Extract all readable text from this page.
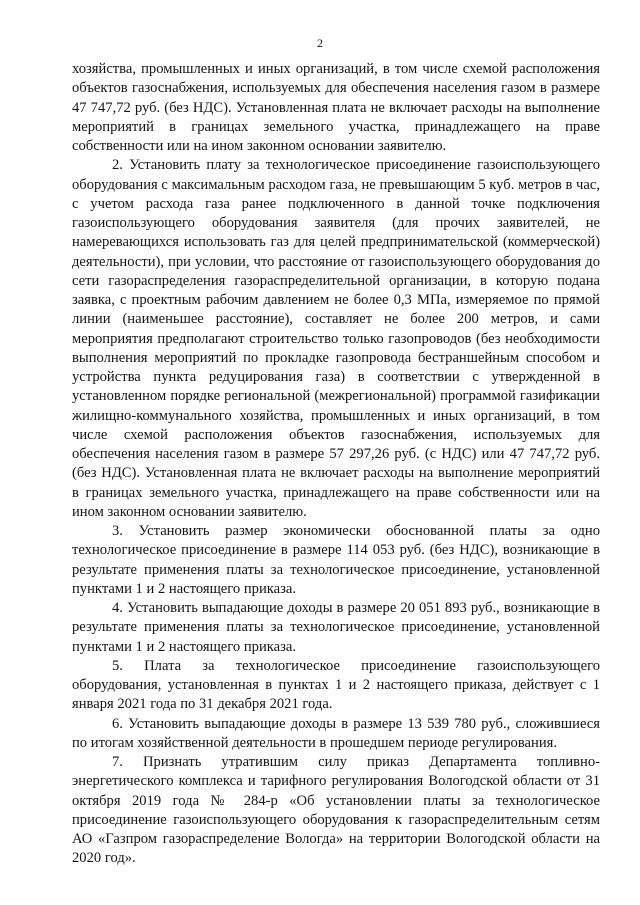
2

хозяйства, промышленных и иных организаций, в том числе схемой расположения объектов газоснабжения, используемых для обеспечения населения газом в размере 47 747,72 руб. (без НДС). Установленная плата не включает расходы на выполнение мероприятий в границах земельного участка, принадлежащего на праве собственности или на ином законном основании заявителю.

2. Установить плату за технологическое присоединение газоиспользующего оборудования с максимальным расходом газа, не превышающим 5 куб. метров в час, с учетом расхода газа ранее подключенного в данной точке подключения газоиспользующего оборудования заявителя (для прочих заявителей, не намеревающихся использовать газ для целей предпринимательской (коммерческой) деятельности), при условии, что расстояние от газоиспользующего оборудования до сети газораспределения газораспределительной организации, в которую подана заявка, с проектным рабочим давлением не более 0,3 МПа, измеряемое по прямой линии (наименьшее расстояние), составляет не более 200 метров, и сами мероприятия предполагают строительство только газопроводов (без необходимости выполнения мероприятий по прокладке газопровода бестраншейным способом и устройства пункта редуцирования газа) в соответствии с утвержденной в установленном порядке региональной (межрегиональной) программой газификации жилищно-коммунального хозяйства, промышленных и иных организаций, в том числе схемой расположения объектов газоснабжения, используемых для обеспечения населения газом в размере 57 297,26 руб. (с НДС) или 47 747,72 руб. (без НДС). Установленная плата не включает расходы на выполнение мероприятий в границах земельного участка, принадлежащего на праве собственности или на ином законном основании заявителю.

3. Установить размер экономически обоснованной платы за одно технологическое присоединение в размере 114 053 руб. (без НДС), возникающие в результате применения платы за технологическое присоединение, установленной пунктами 1 и 2 настоящего приказа.

4. Установить выпадающие доходы в размере 20 051 893 руб., возникающие в результате применения платы за технологическое присоединение, установленной пунктами 1 и 2 настоящего приказа.

5. Плата за технологическое присоединение газоиспользующего оборудования, установленная в пунктах 1 и 2 настоящего приказа, действует с 1 января 2021 года по 31 декабря 2021 года.

6. Установить выпадающие доходы в размере 13 539 780 руб., сложившиеся по итогам хозяйственной деятельности в прошедшем периоде регулирования.

7. Признать утратившим силу приказ Департамента топливно-энергетического комплекса и тарифного регулирования Вологодской области от 31 октября 2019 года № 284-р «Об установлении платы за технологическое присоединение газоиспользующего оборудования к газораспределительным сетям АО «Газпром газораспределение Вологда» на территории Вологодской области на 2020 год».
